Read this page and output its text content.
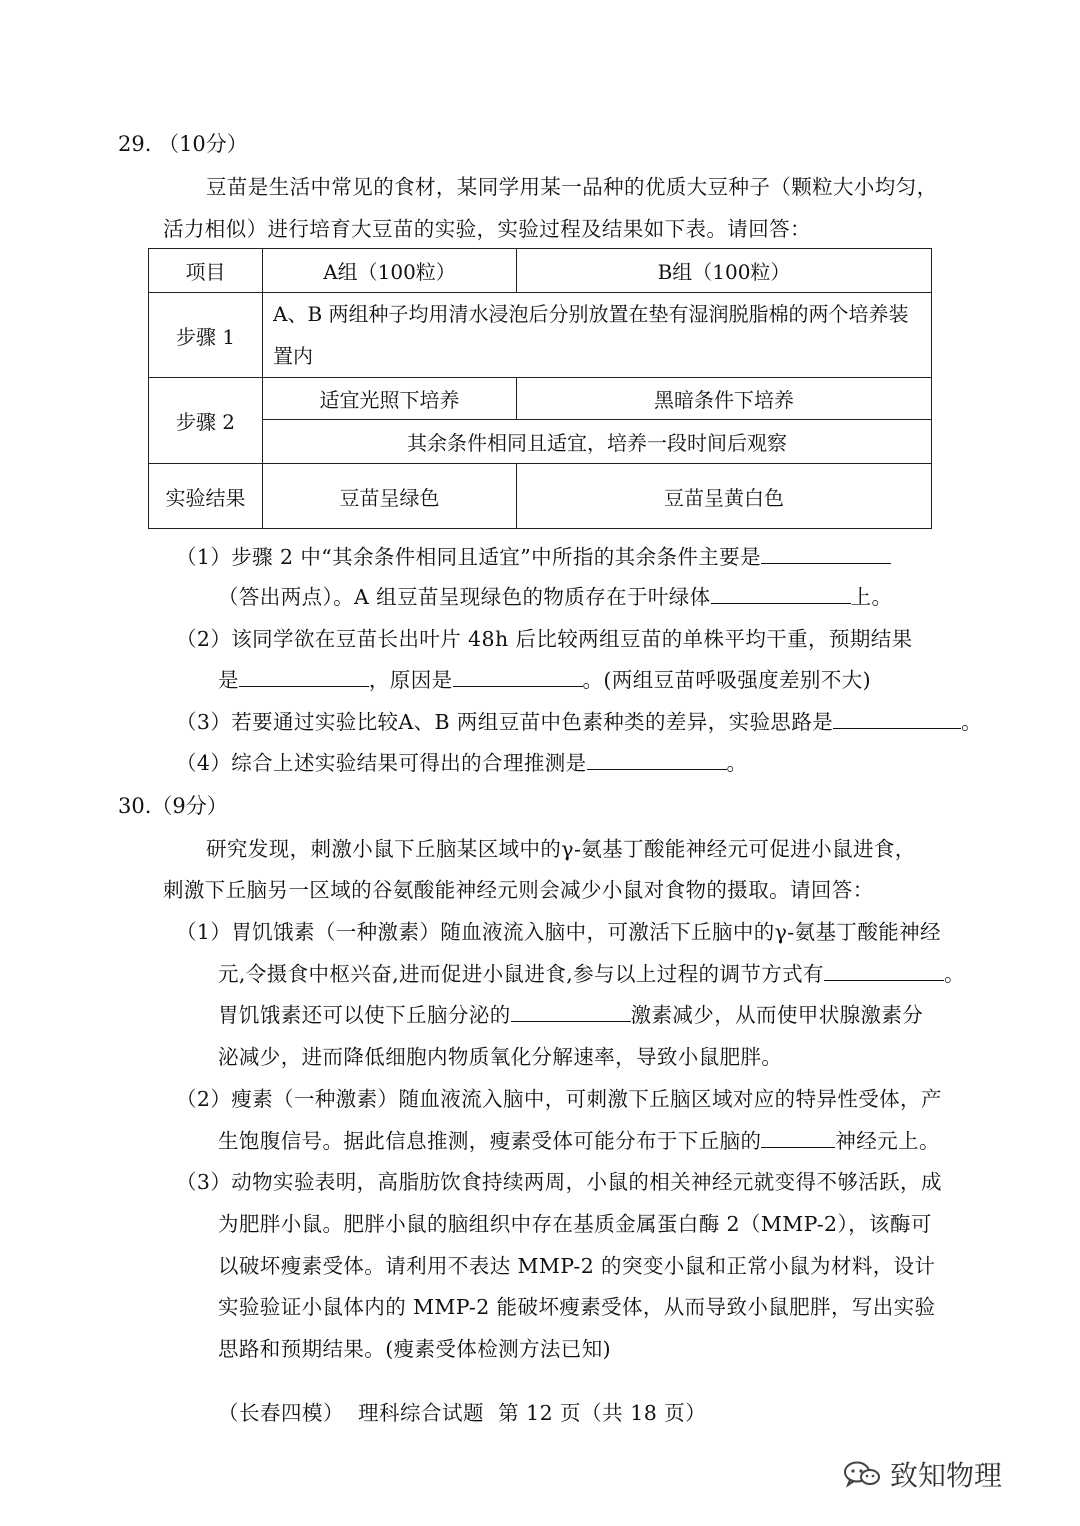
29. （10分）
豆苗是生活中常见的食材，某同学用某一品种的优质大豆种子（颗粒大小均匀，
活力相似）进行培育大豆苗的实验，实验过程及结果如下表。请回答：
项目	A组（100粒）	B组（100粒）
步骤 1	A、B 两组种子均用清水浸泡后分别放置在垫有湿润脱脂棉的两个培养装置内	
步骤 2	适宜光照下培养	黑暗条件下培养
	其余条件相同且适宜，培养一段时间后观察	
实验结果	豆苗呈绿色	豆苗呈黄白色
（1）步骤 2 中“其余条件相同且适宜”中所指的其余条件主要是
（答出两点）。A 组豆苗呈现绿色的物质存在于叶绿体	上。
（2）该同学欲在豆苗长出叶片 48h 后比较两组豆苗的单株平均干重，预期结果
是	，原因是	。(两组豆苗呼吸强度差别不大)
（3）若要通过实验比较A、B 两组豆苗中色素种类的差异，实验思路是	。
（4）综合上述实验结果可得出的合理推测是	。
30.（9分）
研究发现，刺激小鼠下丘脑某区域中的γ-氨基丁酸能神经元可促进小鼠进食，
刺激下丘脑另一区域的谷氨酸能神经元则会减少小鼠对食物的摄取。请回答：
（1）胃饥饿素（一种激素）随血液流入脑中，可激活下丘脑中的γ-氨基丁酸能神经
元,令摄食中枢兴奋,进而促进小鼠进食,参与以上过程的调节方式有	。
胃饥饿素还可以使下丘脑分泌的	激素减少，从而使甲状腺激素分
泌减少，进而降低细胞内物质氧化分解速率，导致小鼠肥胖。
（2）瘦素（一种激素）随血液流入脑中，可刺激下丘脑区域对应的特异性受体，产
生饱腹信号。据此信息推测，瘦素受体可能分布于下丘脑的	神经元上。
（3）动物实验表明，高脂肪饮食持续两周，小鼠的相关神经元就变得不够活跃，成
为肥胖小鼠。肥胖小鼠的脑组织中存在基质金属蛋白酶 2（MMP-2），该酶可
以破坏瘦素受体。请利用不表达 MMP-2 的突变小鼠和正常小鼠为材料，设计
实验验证小鼠体内的 MMP-2 能破坏瘦素受体，从而导致小鼠肥胖，写出实验
思路和预期结果。(瘦素受体检测方法已知)
（长春四模）  理科综合试题  第 12 页（共 18 页）
致知物理
